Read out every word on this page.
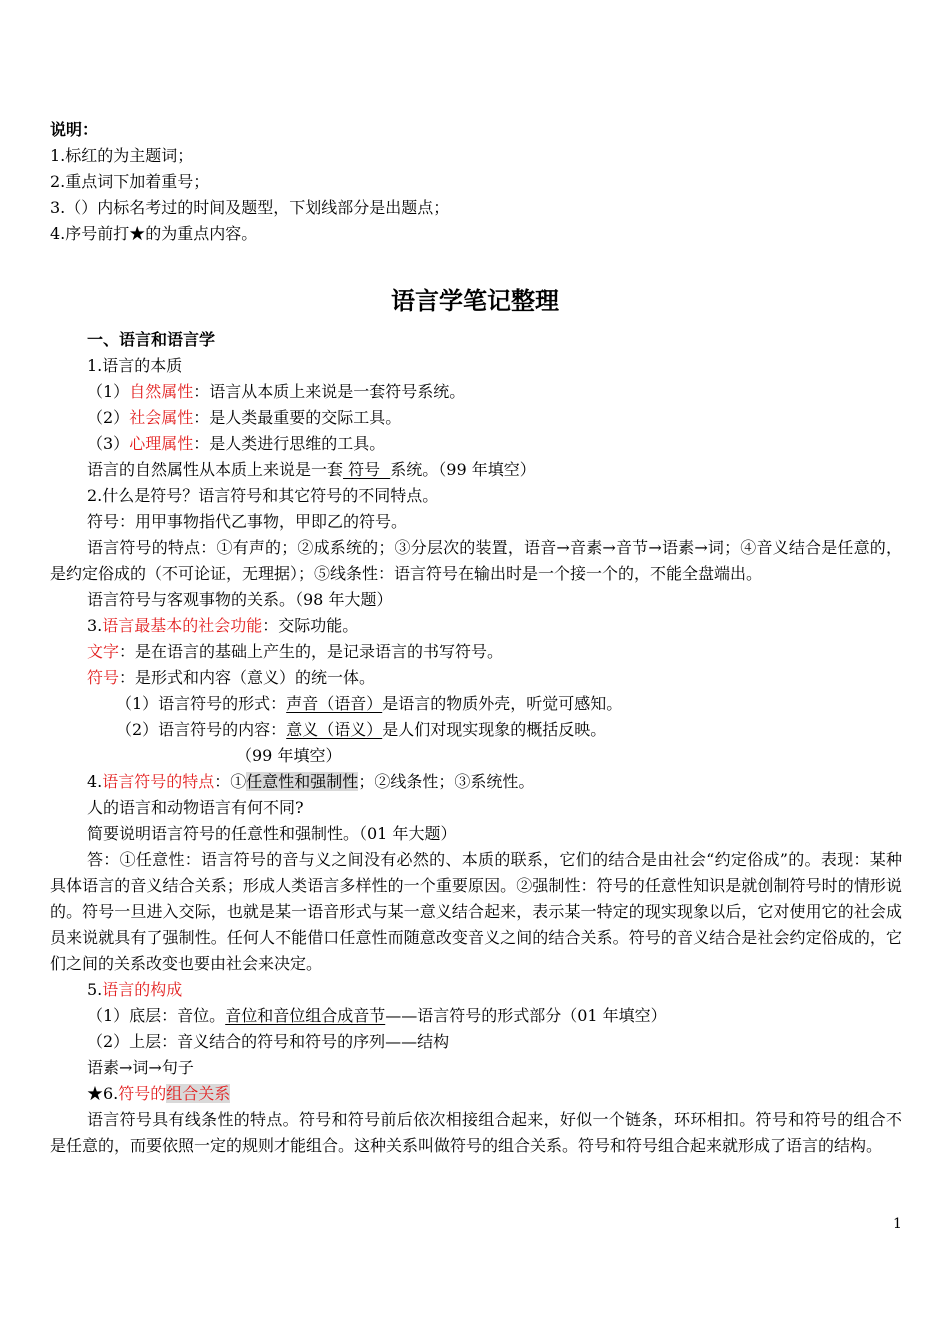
说明：
1.标红的为主题词；
2.重点词下加着重号；
3.（）内标名考过的时间及题型，下划线部分是出题点；
4.序号前打★的为重点内容。
语言学笔记整理
一、语言和语言学
1.语言的本质
（1）自然属性：语言从本质上来说是一套符号系统。
（2）社会属性：是人类最重要的交际工具。
（3）心理属性：是人类进行思维的工具。
语言的自然属性从本质上来说是一套 符号  系统。（99 年填空）
2.什么是符号？语言符号和其它符号的不同特点。
符号：用甲事物指代乙事物，甲即乙的符号。
语言符号的特点：①有声的；②成系统的；③分层次的装置，语音→音素→音节→语素→词；④音义结合是任意的，是约定俗成的（不可论证，无理据）；⑤线条性：语言符号在输出时是一个接一个的，不能全盘端出。
语言符号与客观事物的关系。（98 年大题）
3.语言最基本的社会功能：交际功能。
文字：是在语言的基础上产生的，是记录语言的书写符号。
符号：是形式和内容（意义）的统一体。
（1）语言符号的形式：声音（语音）是语言的物质外壳，听觉可感知。
（2）语言符号的内容：意义（语义）是人们对现实现象的概括反映。
（99 年填空）
4.语言符号的特点：①任意性和强制性；②线条性；③系统性。
人的语言和动物语言有何不同?
简要说明语言符号的任意性和强制性。（01 年大题）
答：①任意性：语言符号的音与义之间没有必然的、本质的联系，它们的结合是由社会“约定俗成”的。表现：某种具体语言的音义结合关系；形成人类语言多样性的一个重要原因。②强制性：符号的任意性知识是就创制符号时的情形说的。符号一旦进入交际，也就是某一语音形式与某一意义结合起来，表示某一特定的现实现象以后，它对使用它的社会成员来说就具有了强制性。任何人不能借口任意性而随意改变音义之间的结合关系。符号的音义结合是社会约定俗成的，它们之间的关系改变也要由社会来决定。
5.语言的构成
（1）底层：音位。音位和音位组合成音节——语言符号的形式部分（01 年填空）
（2）上层：音义结合的符号和符号的序列——结构
语素→词→句子
★6.符号的组合关系
语言符号具有线条性的特点。符号和符号前后依次相接组合起来，好似一个链条，环环相扣。符号和符号的组合不是任意的，而要依照一定的规则才能组合。这种关系叫做符号的组合关系。符号和符号组合起来就形成了语言的结构。
1
